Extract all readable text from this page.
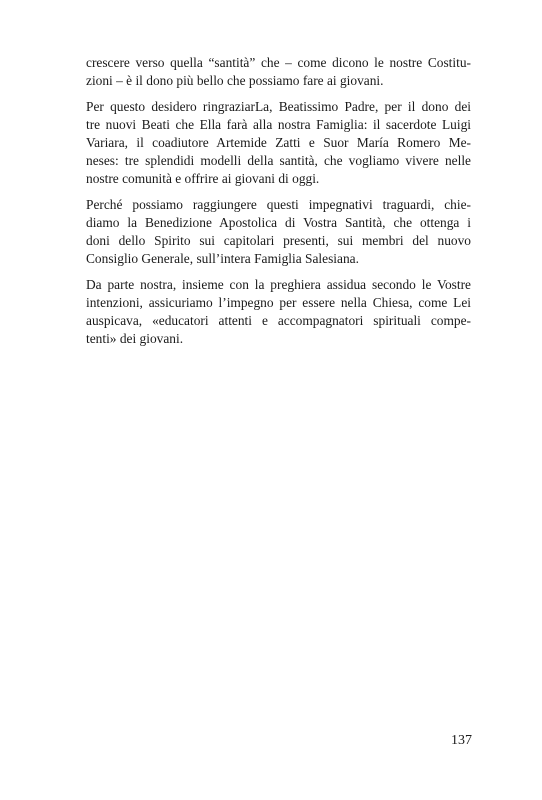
crescere verso quella “santità” che – come dicono le nostre Costitu-
zioni – è il dono più bello che possiamo fare ai giovani.

Per questo desidero ringraziarLa, Beatissimo Padre, per il dono dei
tre nuovi Beati che Ella farà alla nostra Famiglia: il sacerdote Luigi
Variara, il coadiutore Artemide Zatti e Suor María Romero Me-
neses: tre splendidi modelli della santità, che vogliamo vivere nelle
nostre comunità e offrire ai giovani di oggi.

Perché possiamo raggiungere questi impegnativi traguardi, chie-
diamo la Benedizione Apostolica di Vostra Santità, che ottenga i
doni dello Spirito sui capitolari presenti, sui membri del nuovo
Consiglio Generale, sull’intera Famiglia Salesiana.

Da parte nostra, insieme con la preghiera assidua secondo le Vostre
intenzioni, assicuriamo l’impegno per essere nella Chiesa, come Lei
auspicava, «educatori attenti e accompagnatori spirituali compe-
tenti» dei giovani.

137
